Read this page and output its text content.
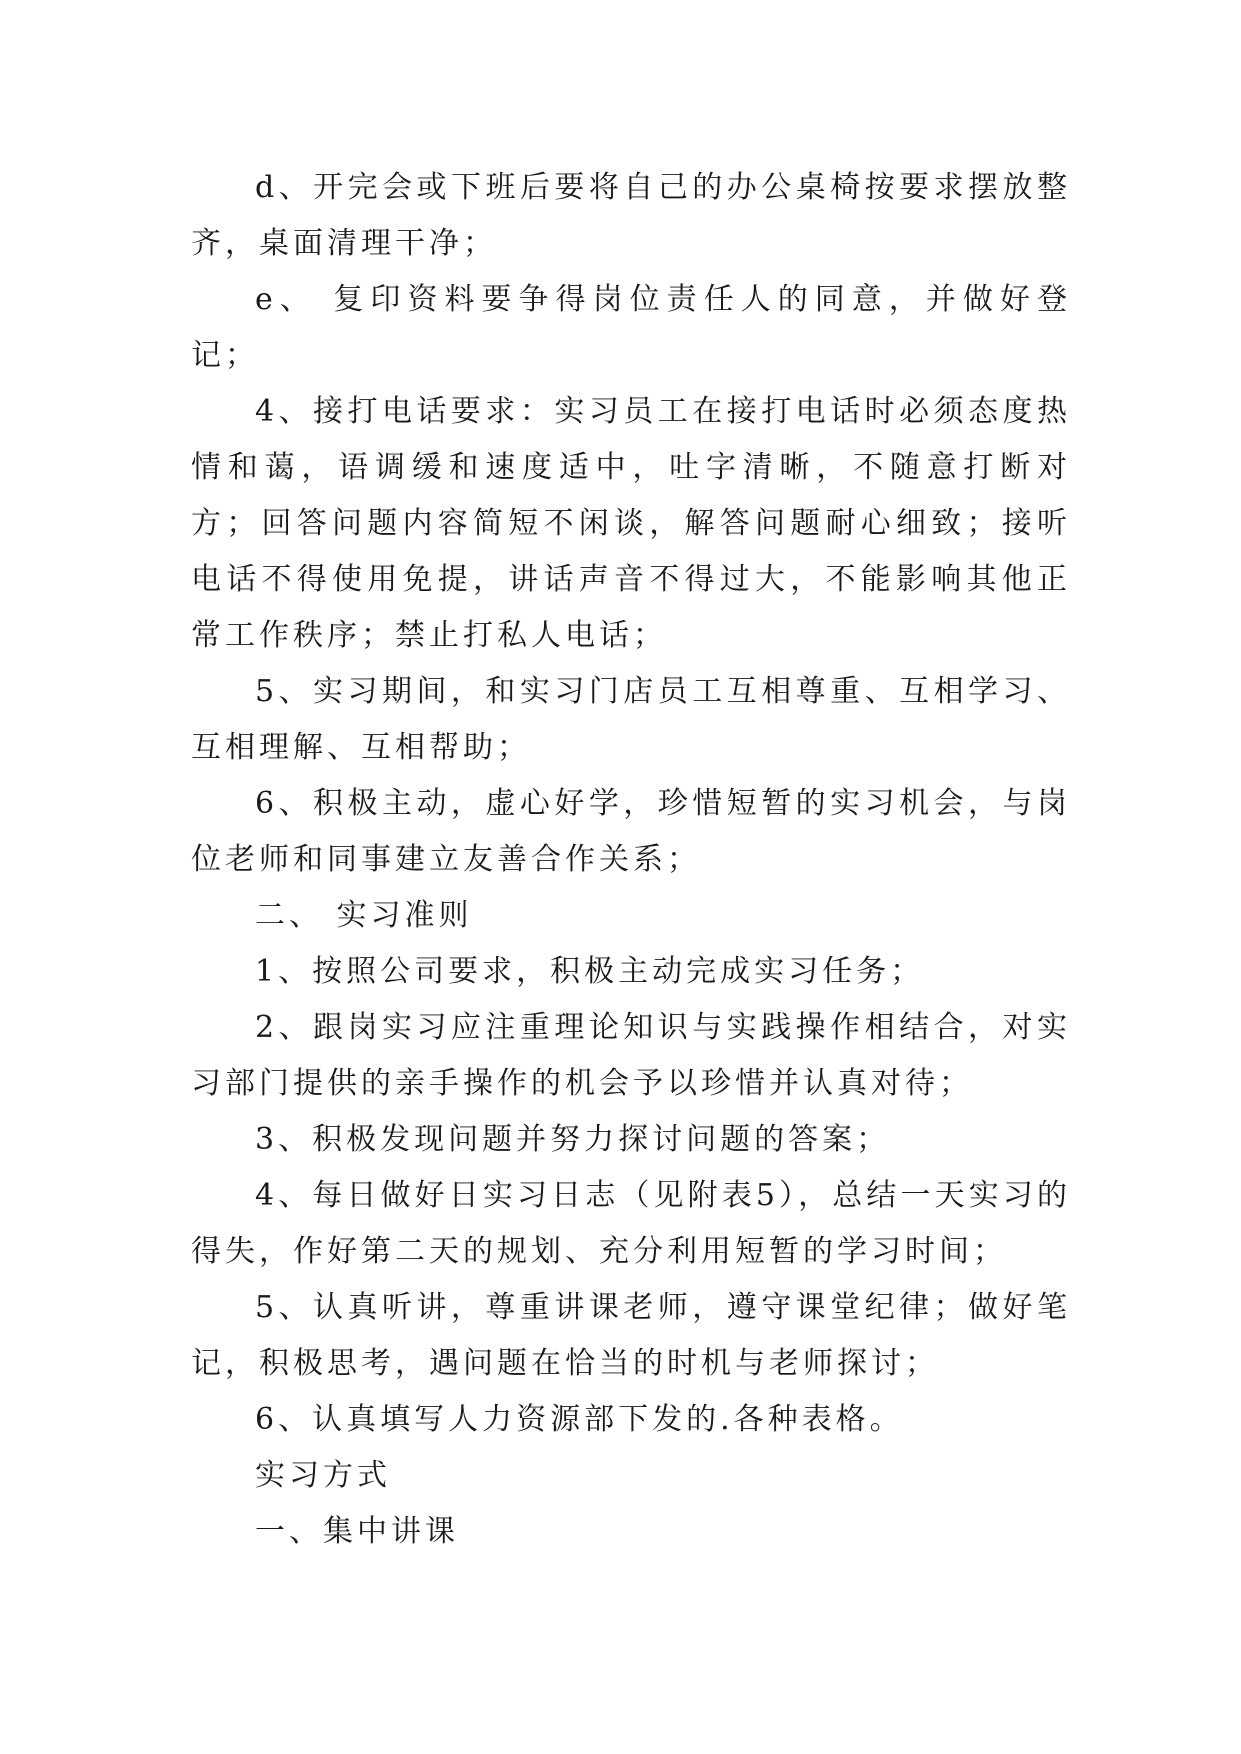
d、开完会或下班后要将自己的办公桌椅按要求摆放整齐，桌面清理干净；

e、 复印资料要争得岗位责任人的同意，并做好登记；

4、接打电话要求：实习员工在接打电话时必须态度热情和蔼，语调缓和速度适中，吐字清晰，不随意打断对方；回答问题内容简短不闲谈，解答问题耐心细致；接听电话不得使用免提，讲话声音不得过大，不能影响其他正常工作秩序；禁止打私人电话；

5、实习期间，和实习门店员工互相尊重、互相学习、互相理解、互相帮助；

6、积极主动，虚心好学，珍惜短暂的实习机会，与岗位老师和同事建立友善合作关系；

二、 实习准则

1、按照公司要求，积极主动完成实习任务；

2、跟岗实习应注重理论知识与实践操作相结合，对实习部门提供的亲手操作的机会予以珍惜并认真对待；

3、积极发现问题并努力探讨问题的答案；

4、每日做好日实习日志（见附表5），总结一天实习的得失，作好第二天的规划、充分利用短暂的学习时间；

5、认真听讲，尊重讲课老师，遵守课堂纪律；做好笔记，积极思考，遇问题在恰当的时机与老师探讨；

6、认真填写人力资源部下发的.各种表格。

实习方式

一、集中讲课
